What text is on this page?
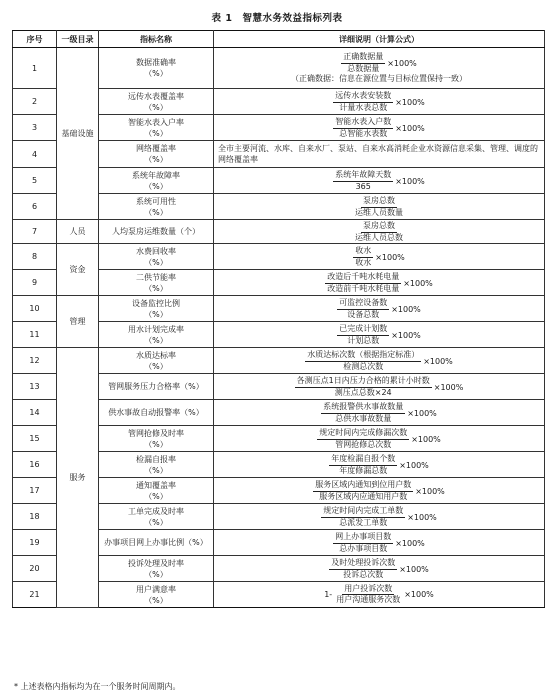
表 1　智慧水务效益指标列表
序号	一级目录	指标名称	详细说明（计算公式）
1	基础设施	数据准确率
（%）	$\frac{\text{正确数据量}}{\text{总数据量}} \times 100\%$
（正确数据：信息在源位置与目标位置保持一致）

2		远传水表覆盖率
（%）	$\frac{\text{远传水表安装数}}{\text{计量水表总数}} \times 100\%$

3		智能水表入户率
（%）	$\frac{\text{智能水表入户数}}{\text{总智能水表数}} \times 100\%$

4		网络覆盖率
（%）	全市主要河流、水库、自来水厂、泵站、自来水高消耗企业水资源信息采集、管理、调度的网络覆盖率
5		系统年故障率
（%）	$\frac{\text{系统年故障天数}}{365} \times 100\%$

6		系统可用性
（%）	$\frac{\text{泵房总数}}{\text{运维人员数量}}$

7	人员	人均泵房运维数量（个）	$\frac{\text{泵房总数}}{\text{运维人员总数}}$

8	资金	水费回收率
（%）	$\frac{\text{收水}}{\text{收水}} \times 100\%$

9		二供节能率
（%）	$\frac{\text{改造后千吨水耗电量}}{\text{改造前千吨水耗电量}} \times 100\%$

10	管理	设备监控比例
（%）	$\frac{\text{可监控设备数}}{\text{设备总数}} \times 100\%$

11		用水计划完成率
（%）	$\frac{\text{已完成计划数}}{\text{计划总数}} \times 100\%$

12	服务	水质达标率
（%）	$\frac{\text{水质达标次数（根据指定标准）}}{\text{检测总次数}} \times 100\%$

13		管网服务压力合格率（%）	$\frac{\text{各测压点1日内压力合格的累计小时数}}{\text{测压点总数×24}} \times 100\%$

14		供水事故自动报警率（%）	$\frac{\text{系统报警供水事故数量}}{\text{总供水事故数量}} \times 100\%$

15		管网抢修及时率
（%）	$\frac{\text{规定时间内完成修漏次数}}{\text{管网抢修总次数}} \times 100\%$

16		检漏自报率
（%）	$\frac{\text{年度检漏自报个数}}{\text{年度修漏总数}} \times 100\%$

17		通知覆盖率
（%）	$\frac{\text{服务区域内通知到位用户数}}{\text{服务区域内应通知用户数}} \times 100\%$

18		工单完成及时率
（%）	$\frac{\text{规定时间内完成工单数}}{\text{总派发工单数}} \times 100\%$

19		办事项目网上办事比例（%）	$\frac{\text{网上办事项目数}}{\text{总办事项目数}} \times 100\%$

20		投诉处理及时率
（%）	$\frac{\text{及时处理投诉次数}}{\text{投诉总次数}} \times 100\%$

21		用户满意率
（%）	$1- \frac{\text{用户投诉次数}}{\text{用户沟通服务次数}} \times 100\%$
* 上述表格内指标均为在一个服务时间周期内。
